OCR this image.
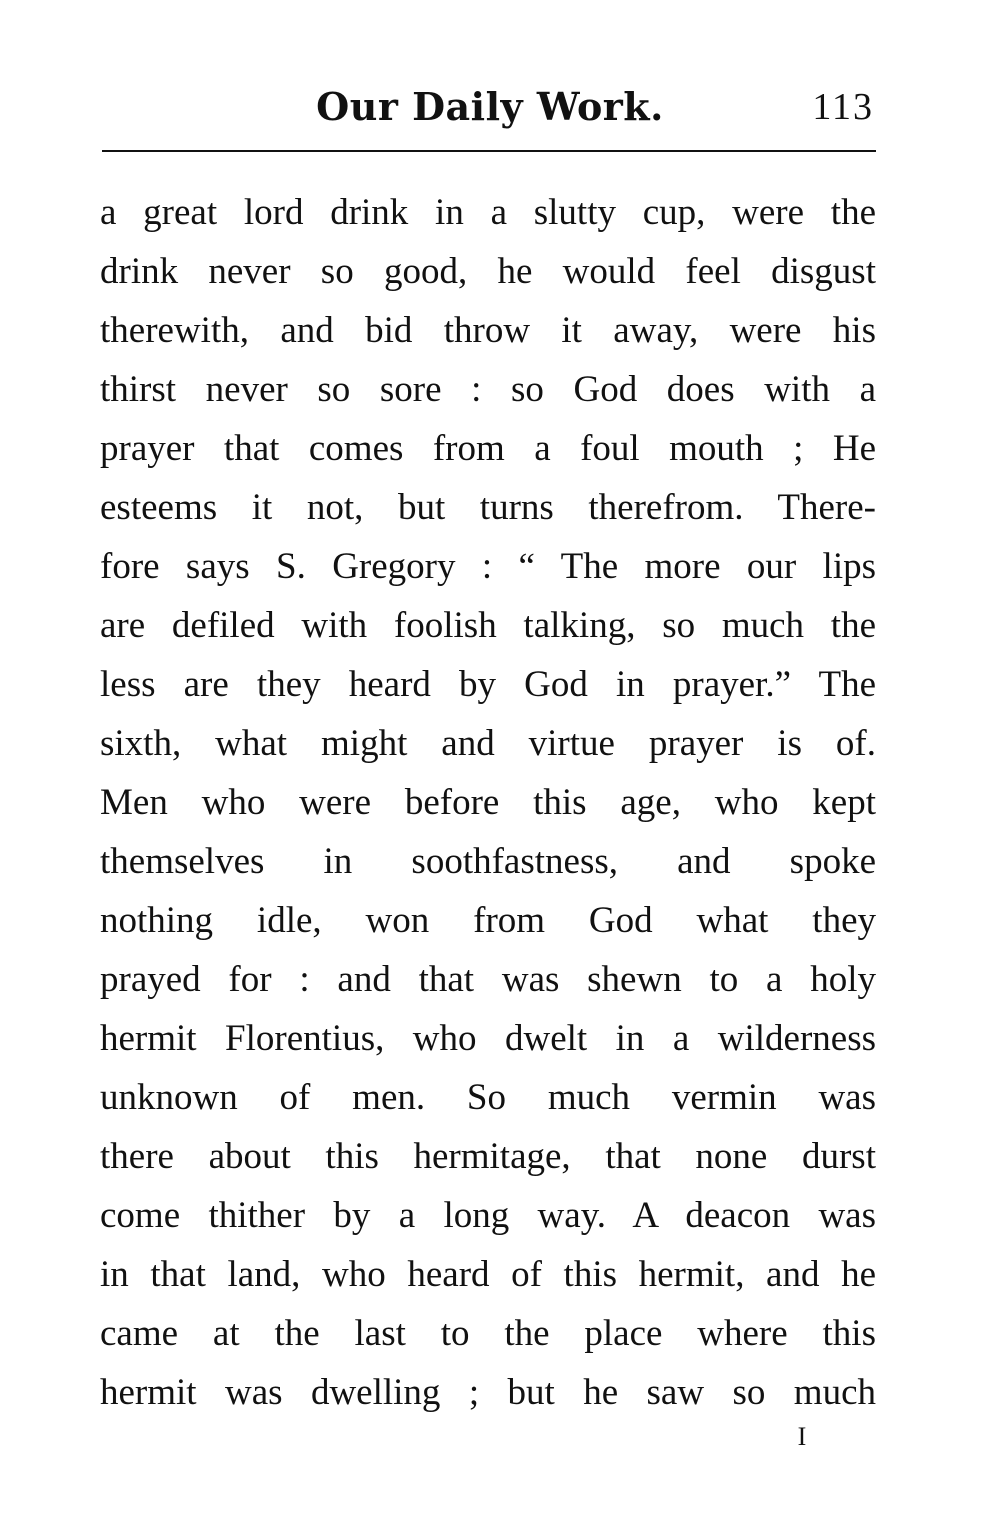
Our Daily Work.	113
a great lord drink in a slutty cup, were the
drink never so good, he would feel disgust
therewith, and bid throw it away, were his
thirst never so sore : so God does with a
prayer that comes from a foul mouth ; He
esteems it not, but turns therefrom. There-
fore says S. Gregory : “ The more our lips
are defiled with foolish talking, so much the
less are they heard by God in prayer.” The
sixth, what might and virtue prayer is of.
Men who were before this age, who kept
themselves in soothfastness, and spoke
nothing idle, won from God what they
prayed for : and that was shewn to a holy
hermit Florentius, who dwelt in a wilderness
unknown of men. So much vermin was
there about this hermitage, that none durst
come thither by a long way. A deacon was
in that land, who heard of this hermit, and he
came at the last to the place where this
hermit was dwelling ; but he saw so much
I
